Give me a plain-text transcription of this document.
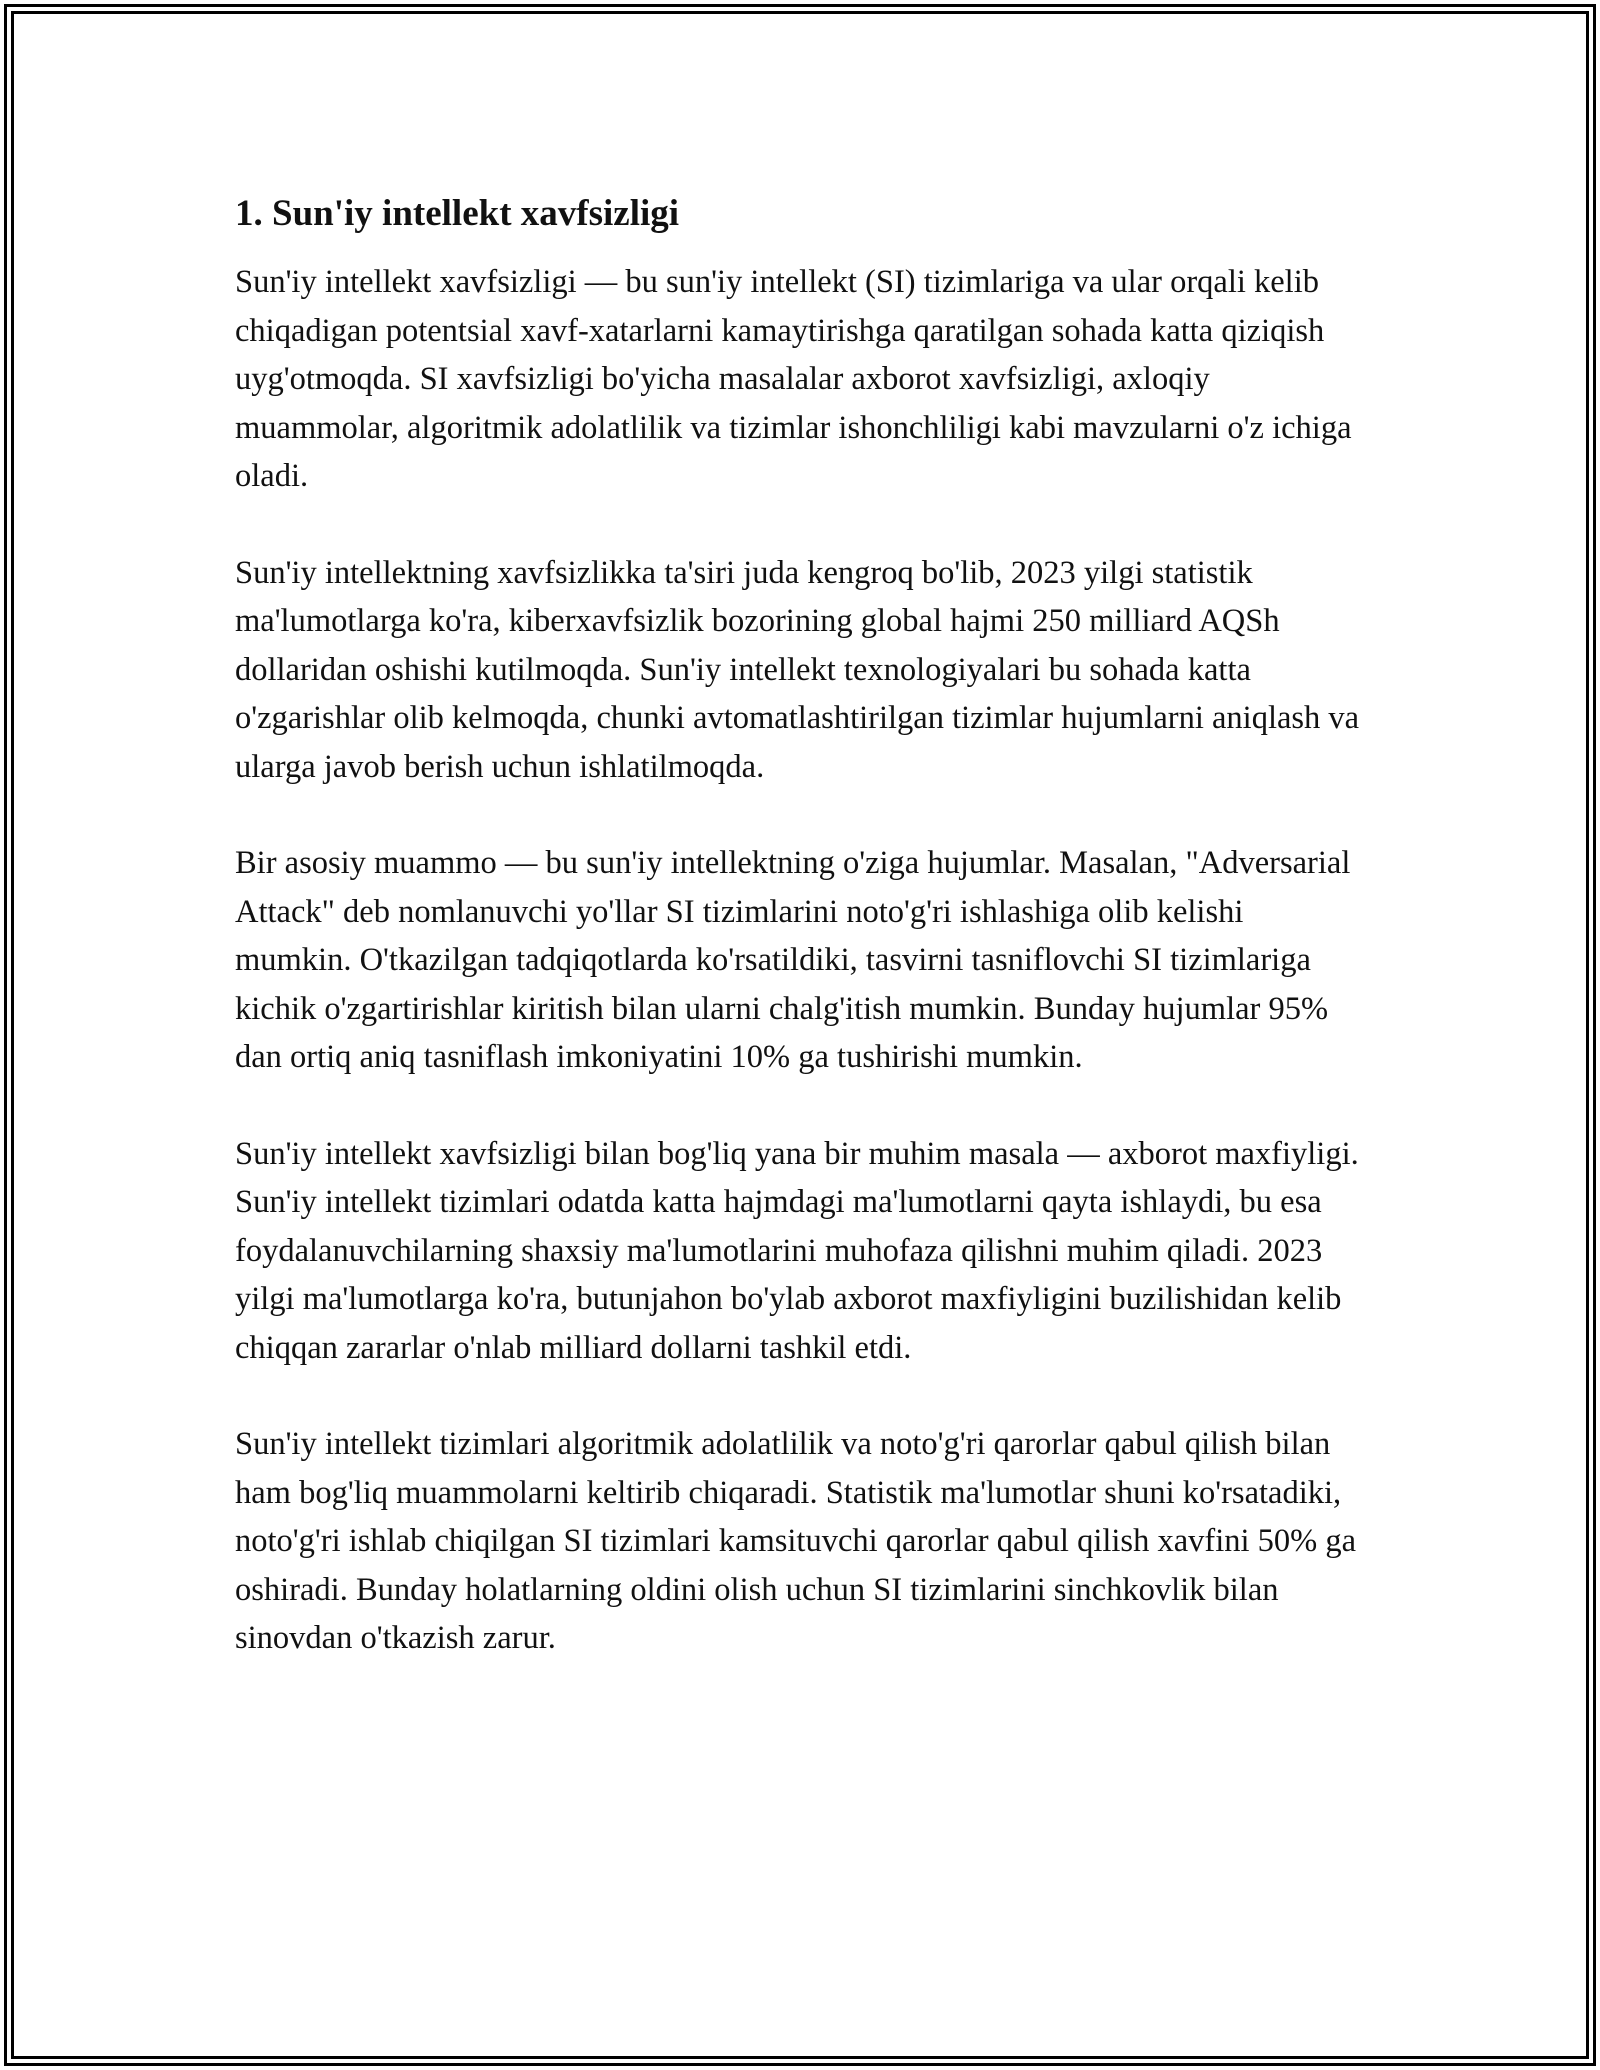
1. Sun'iy intellekt xavfsizligi

Sun'iy intellekt xavfsizligi — bu sun'iy intellekt (SI) tizimlariga va ular orqali kelib chiqadigan potentsial xavf-xatarlarni kamaytirishga qaratilgan sohada katta qiziqish uyg'otmoqda. SI xavfsizligi bo'yicha masalalar axborot xavfsizligi, axloqiy muammolar, algoritmik adolatlilik va tizimlar ishonchliligi kabi mavzularni o'z ichiga oladi.

Sun'iy intellektning xavfsizlikka ta'siri juda kengroq bo'lib, 2023 yilgi statistik ma'lumotlarga ko'ra, kiberxavfsizlik bozorining global hajmi 250 milliard AQSh dollaridan oshishi kutilmoqda. Sun'iy intellekt texnologiyalari bu sohada katta o'zgarishlar olib kelmoqda, chunki avtomatlashtirilgan tizimlar hujumlarni aniqlash va ularga javob berish uchun ishlatilmoqda.

Bir asosiy muammo — bu sun'iy intellektning o'ziga hujumlar. Masalan, "Adversarial Attack" deb nomlanuvchi yo'llar SI tizimlarini noto'g'ri ishlashiga olib kelishi mumkin. O'tkazilgan tadqiqotlarda ko'rsatildiki, tasvirni tasniflovchi SI tizimlariga kichik o'zgartirishlar kiritish bilan ularni chalg'itish mumkin. Bunday hujumlar 95% dan ortiq aniq tasniflash imkoniyatini 10% ga tushirishi mumkin.

Sun'iy intellekt xavfsizligi bilan bog'liq yana bir muhim masala — axborot maxfiyligi. Sun'iy intellekt tizimlari odatda katta hajmdagi ma'lumotlarni qayta ishlaydi, bu esa foydalanuvchilarning shaxsiy ma'lumotlarini muhofaza qilishni muhim qiladi. 2023 yilgi ma'lumotlarga ko'ra, butunjahon bo'ylab axborot maxfiyligini buzilishidan kelib chiqqan zararlar o'nlab milliard dollarni tashkil etdi.

Sun'iy intellekt tizimlari algoritmik adolatlilik va noto'g'ri qarorlar qabul qilish bilan ham bog'liq muammolarni keltirib chiqaradi. Statistik ma'lumotlar shuni ko'rsatadiki, noto'g'ri ishlab chiqilgan SI tizimlari kamsituvchi qarorlar qabul qilish xavfini 50% ga oshiradi. Bunday holatlarning oldini olish uchun SI tizimlarini sinchkovlik bilan sinovdan o'tkazish zarur.
